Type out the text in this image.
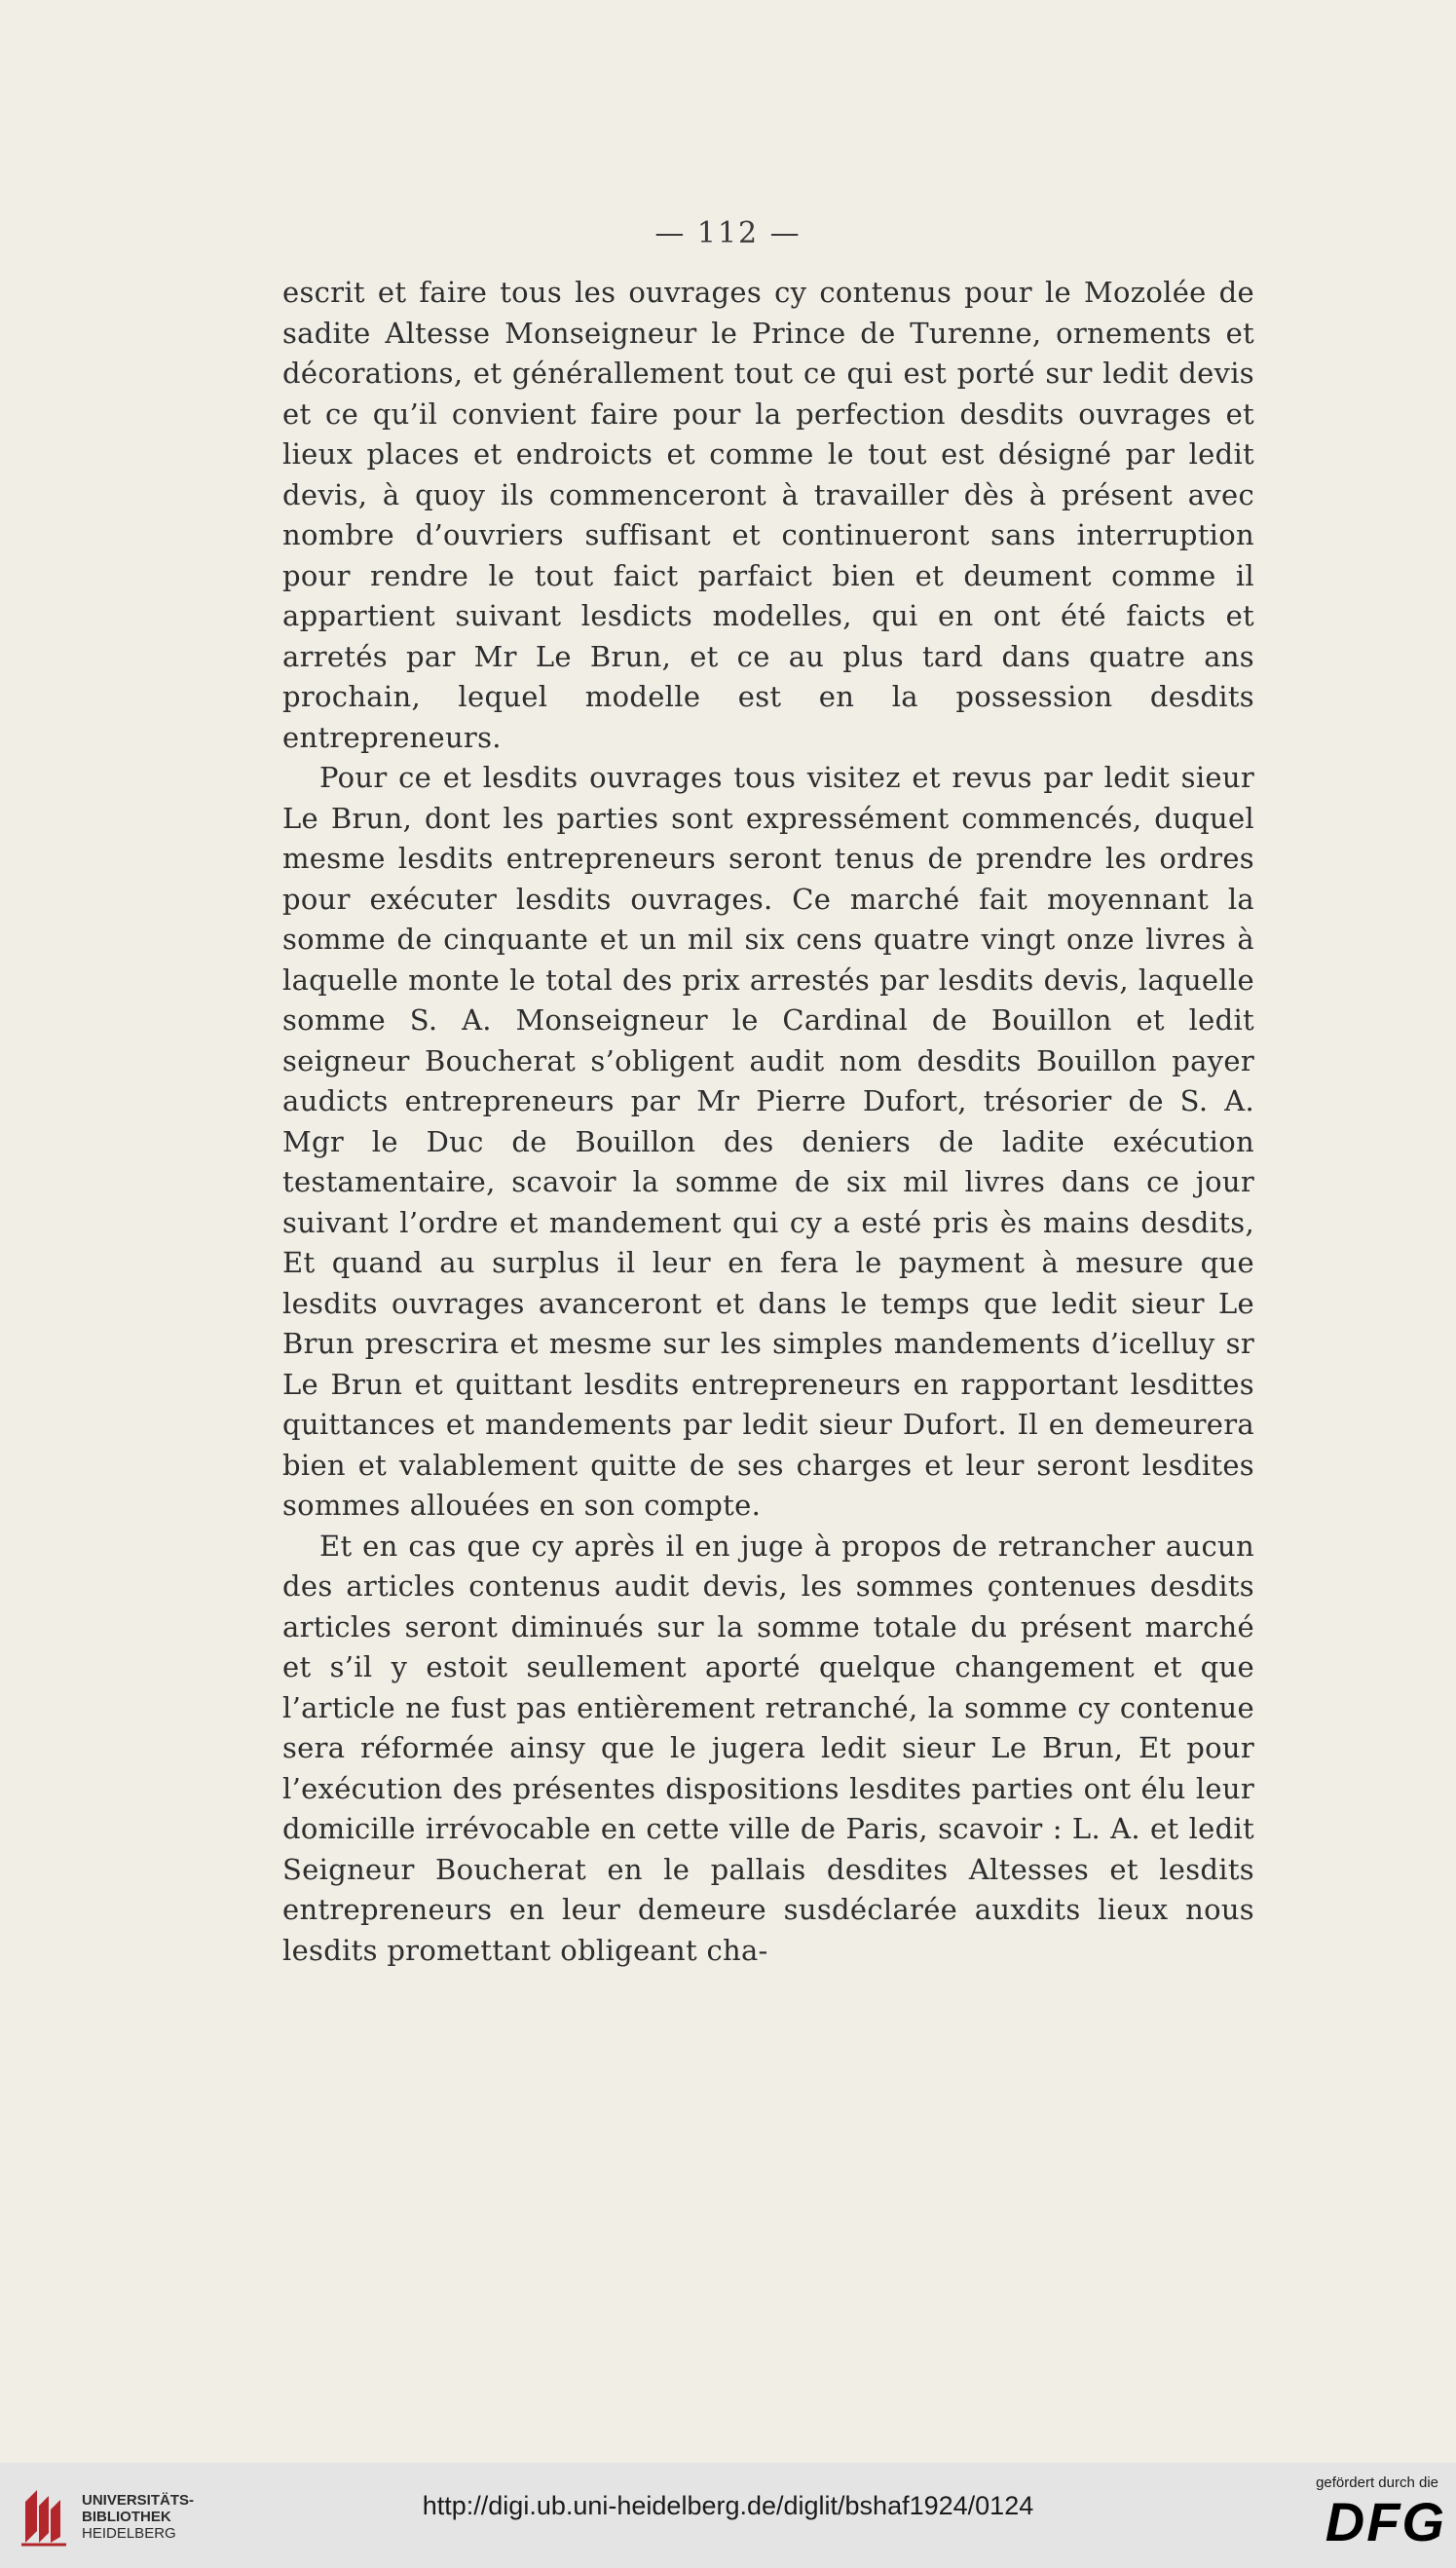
— 112 —

escrit et faire tous les ouvrages cy contenus pour le Mozolée de sadite Altesse Monseigneur le Prince de Turenne, ornements et décorations, et générallement tout ce qui est porté sur ledit devis et ce qu’il convient faire pour la perfection desdits ouvrages et lieux places et endroicts et comme le tout est désigné par ledit devis, à quoy ils commenceront à travailler dès à présent avec nombre d’ouvriers suffisant et continueront sans interruption pour rendre le tout faict parfaict bien et deument comme il appartient suivant lesdicts modelles, qui en ont été faicts et arretés par Mr Le Brun, et ce au plus tard dans quatre ans prochain, lequel modelle est en la possession desdits entrepreneurs.

Pour ce et lesdits ouvrages tous visitez et revus par ledit sieur Le Brun, dont les parties sont expressément commencés, duquel mesme lesdits entrepreneurs seront tenus de prendre les ordres pour exécuter lesdits ouvrages. Ce marché fait moyennant la somme de cinquante et un mil six cens quatre vingt onze livres à laquelle monte le total des prix arrestés par lesdits devis, laquelle somme S. A. Monseigneur le Cardinal de Bouillon et ledit seigneur Boucherat s’obligent audit nom desdits Bouillon payer audicts entrepreneurs par Mr Pierre Dufort, trésorier de S. A. Mgr le Duc de Bouillon des deniers de ladite exécution testamentaire, scavoir la somme de six mil livres dans ce jour suivant l’ordre et mandement qui cy a esté pris ès mains desdits, Et quand au surplus il leur en fera le payment à mesure que lesdits ouvrages avanceront et dans le temps que ledit sieur Le Brun prescrira et mesme sur les simples mandements d’icelluy sr Le Brun et quittant lesdits entrepreneurs en rapportant lesdittes quittances et mandements par ledit sieur Dufort. Il en demeurera bien et valablement quitte de ses charges et leur seront lesdites sommes allouées en son compte.

Et en cas que cy après il en juge à propos de retrancher aucun des articles contenus audit devis, les sommes çontenues desdits articles seront diminués sur la somme totale du présent marché et s’il y estoit seullement aporté quelque changement et que l’article ne fust pas entièrement retranché, la somme cy contenue sera réformée ainsy que le jugera ledit sieur Le Brun, Et pour l’exécution des présentes dispositions lesdites parties ont élu leur domicille irrévocable en cette ville de Paris, scavoir : L. A. et ledit Seigneur Boucherat en le pallais desdites Altesses et lesdits entrepreneurs en leur demeure susdéclarée auxdits lieux nous lesdits promettant obligeant cha-

UNIVERSITÄTS-
BIBLIOTHEK
HEIDELBERG
http://digi.ub.uni-heidelberg.de/diglit/bshaf1924/0124
gefördert durch die
DFG
